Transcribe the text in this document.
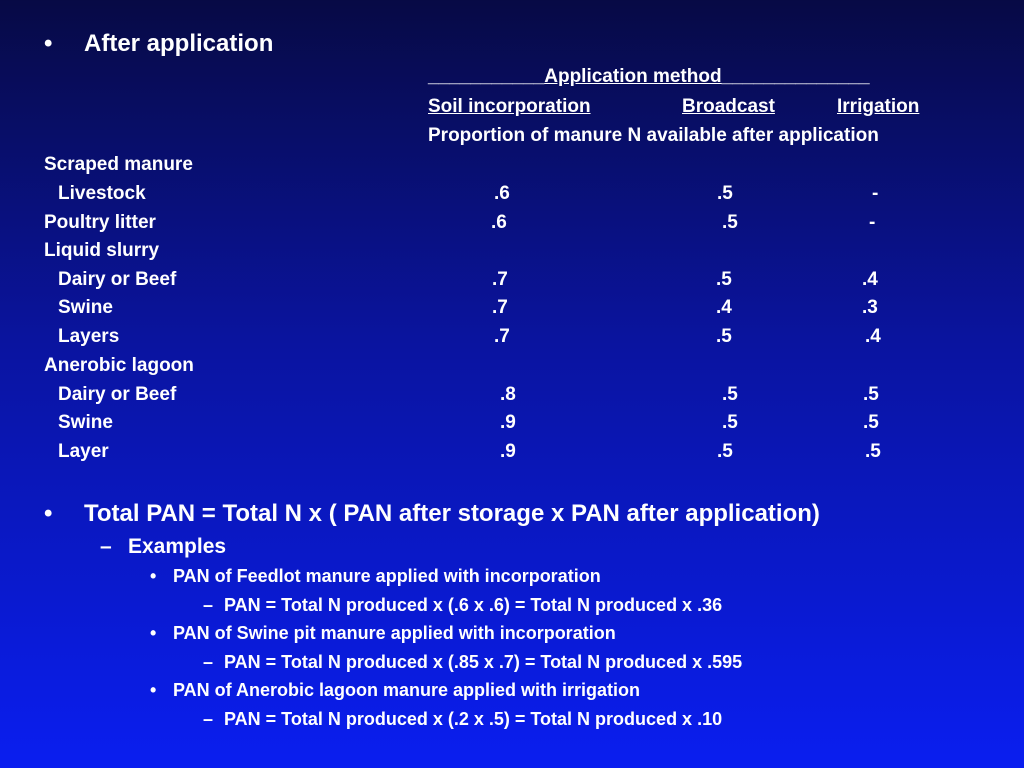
• After application
___________Application method______________
Soil incorporation	Broadcast	Irrigation
Proportion of manure N available after application
Scraped manure
Livestock	.6	.5	-
Poultry litter	.6	.5	-
Liquid slurry
Dairy or Beef	.7	.5	.4
Swine	.7	.4	.3
Layers	.7	.5	.4
Anerobic lagoon
Dairy or Beef	.8	.5	.5
Swine	.9	.5	.5
Layer	.9	.5	.5
• Total PAN = Total N x ( PAN after storage x PAN after application)
– Examples
• PAN of Feedlot manure applied with incorporation
– PAN = Total N produced x (.6 x .6) = Total N produced x .36
• PAN of Swine pit manure applied with incorporation
– PAN = Total N produced x (.85 x .7) = Total N produced x .595
• PAN of Anerobic lagoon manure applied with irrigation
– PAN = Total N produced x (.2 x .5) = Total N produced x .10
